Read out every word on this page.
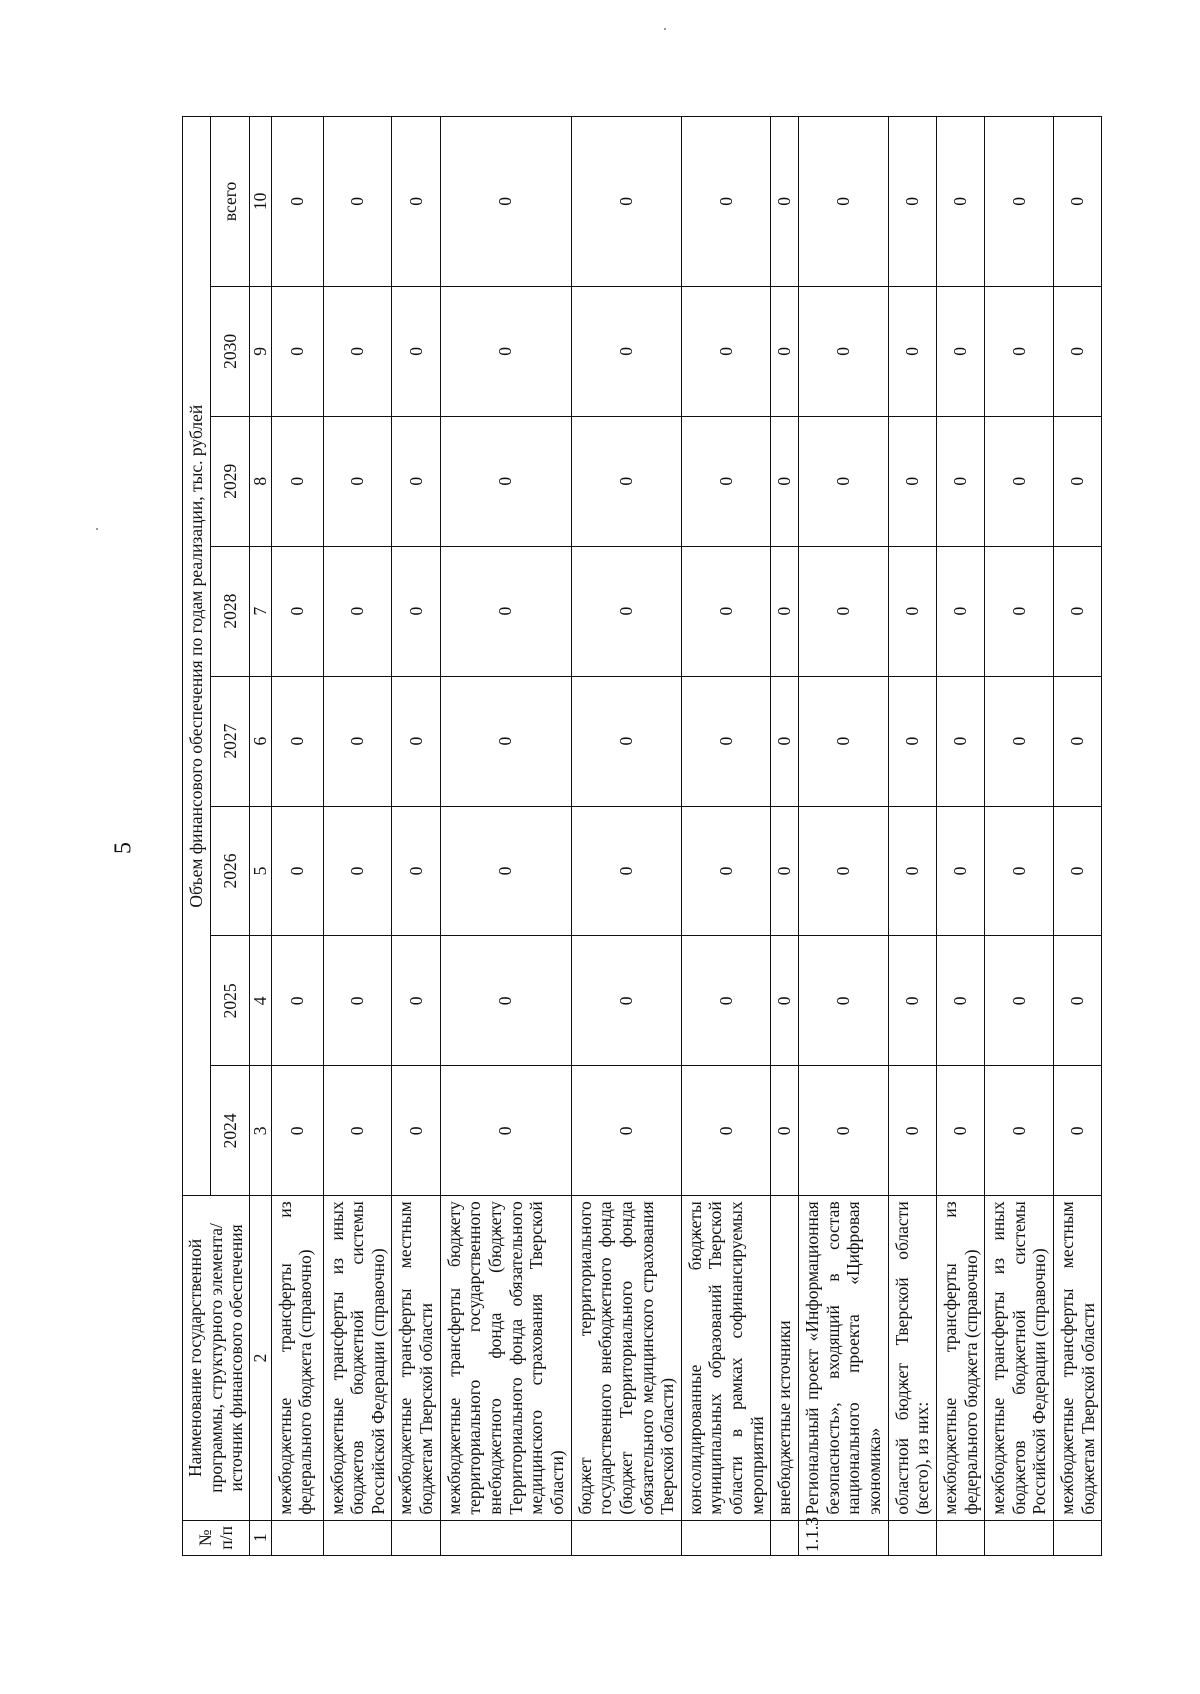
5
№ п/п	Наименование государственной программы, структурного элемента/источник финансового обеспечения	Объем финансового обеспечения по годам реализации, тыс. рублей							
		2024	2025	2026	2027	2028	2029	2030	всего
1	2	3	4	5	6	7	8	9	10
	межбюджетные трансферты из федерального бюджета (справочно)	0	0	0	0	0	0	0	0
	межбюджетные трансферты из иных бюджетов бюджетной системы Российской Федерации (справочно)	0	0	0	0	0	0	0	0
	межбюджетные трансферты местным бюджетам Тверской области	0	0	0	0	0	0	0	0
	межбюджетные трансферты бюджету территориального государственного внебюджетного фонда (бюджету Территориального фонда обязательного медицинского страхования Тверской области)	0	0	0	0	0	0	0	0
	бюджет территориального государственного внебюджетного фонда (бюджет Территориального фонда обязательного медицинского страхования Тверской области)	0	0	0	0	0	0	0	0
	консолидированные бюджеты муниципальных образований Тверской области в рамках софинансируемых мероприятий	0	0	0	0	0	0	0	0
	внебюджетные источники	0	0	0	0	0	0	0	0
1.1.3	Региональный проект «Информационная безопасность», входящий в состав национального проекта «Цифровая экономика»	0	0	0	0	0	0	0	0
	областной бюджет Тверской области (всего), из них:	0	0	0	0	0	0	0	0
	межбюджетные трансферты из федерального бюджета (справочно)	0	0	0	0	0	0	0	0
	межбюджетные трансферты из иных бюджетов бюджетной системы Российской Федерации (справочно)	0	0	0	0	0	0	0	0
	межбюджетные трансферты местным бюджетам Тверской области	0	0	0	0	0	0	0	0
